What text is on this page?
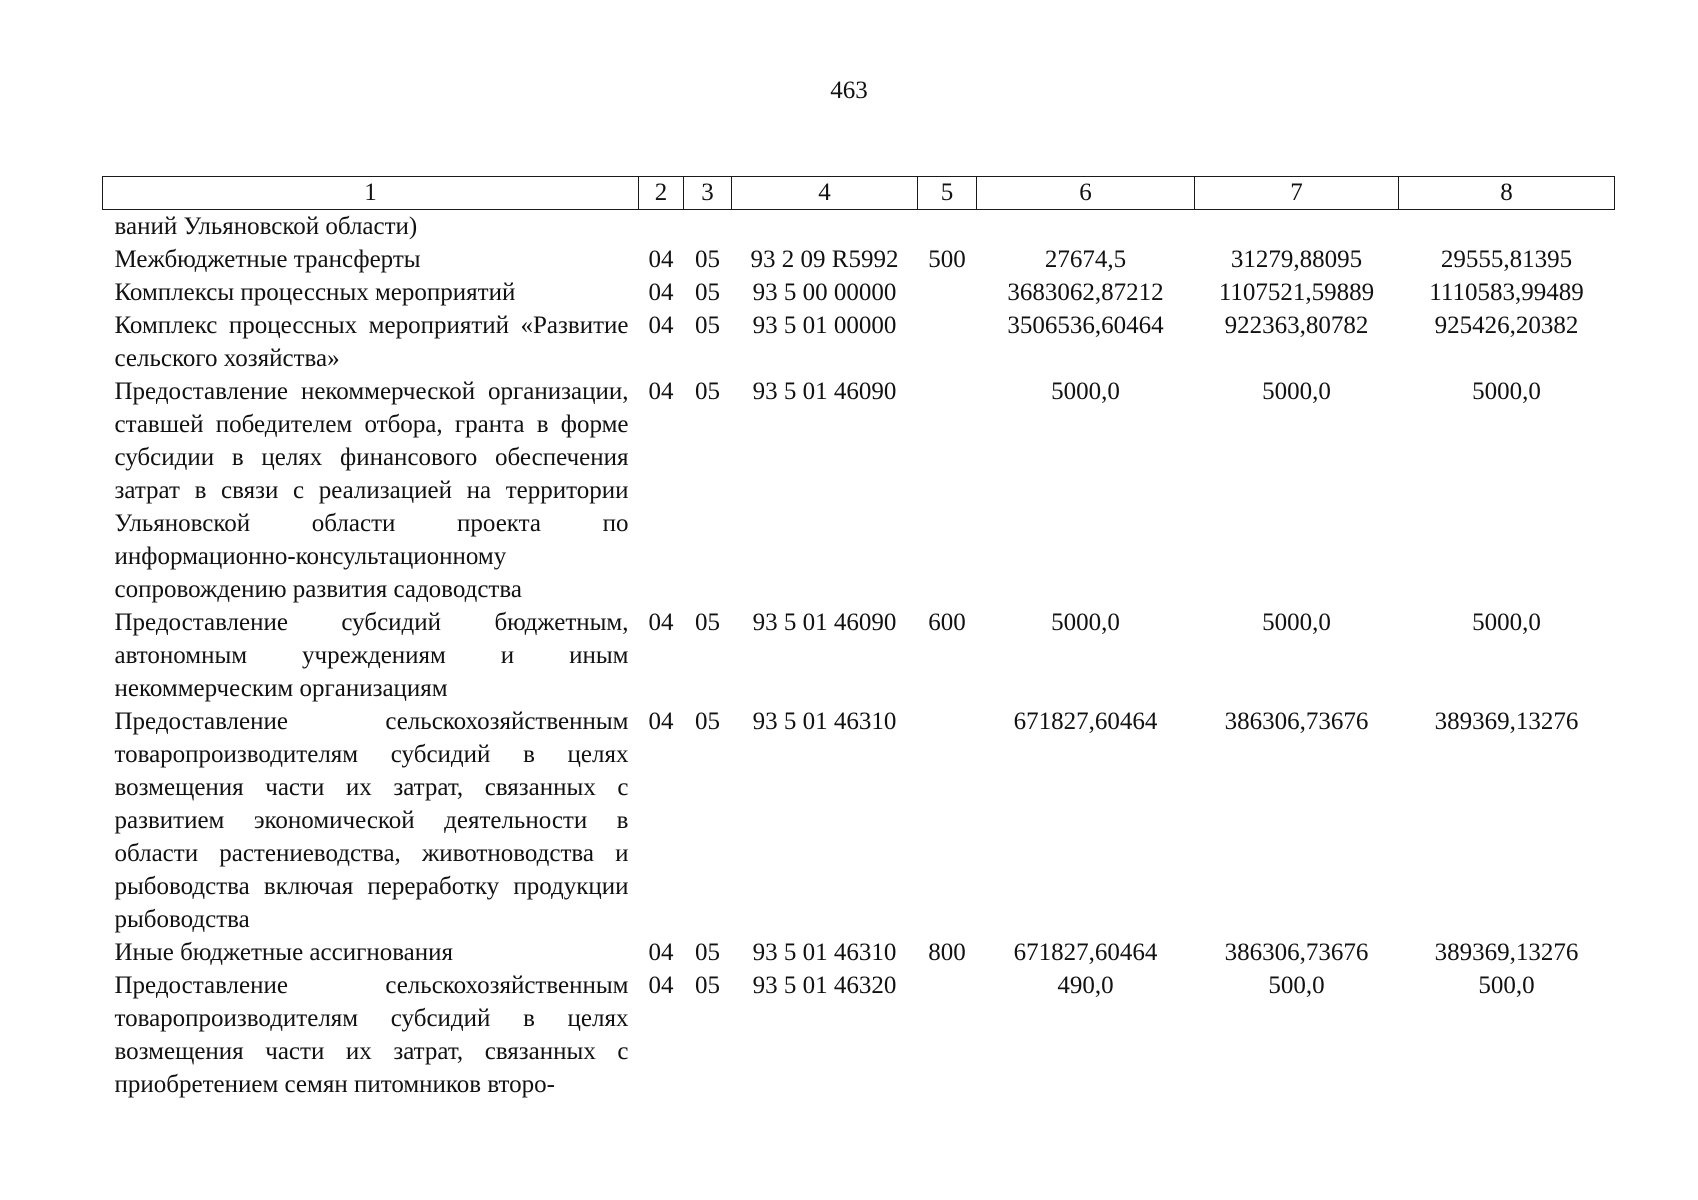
463
1	2	3	4	5	6	7	8
ваний Ульяновской области)							
Межбюджетные трансферты	04	05	93 2 09 R5992	500	27674,5	31279,88095	29555,81395
Комплексы процессных мероприятий	04	05	93 5 00 00000		3683062,87212	1107521,59889	1110583,99489
Комплекс процессных мероприятий «Развитие сельского хозяйства»	04	05	93 5 01 00000		3506536,60464	922363,80782	925426,20382
Предоставление некоммерческой организации, ставшей победителем отбора, гранта в форме субсидии в целях финансового обеспечения затрат в связи с реализацией на территории Ульяновской области проекта по информационно-консультационному сопровождению развития садоводства	04	05	93 5 01 46090		5000,0	5000,0	5000,0
Предоставление субсидий бюджетным, автономным учреждениям и иным некоммерческим организациям	04	05	93 5 01 46090	600	5000,0	5000,0	5000,0
Предоставление сельскохозяйственным товаропроизводителям субсидий в целях возмещения части их затрат, связанных с развитием экономической деятельности в области растениеводства, животноводства и рыбоводства включая переработку продукции рыбоводства	04	05	93 5 01 46310		671827,60464	386306,73676	389369,13276
Иные бюджетные ассигнования	04	05	93 5 01 46310	800	671827,60464	386306,73676	389369,13276
Предоставление сельскохозяйственным товаропроизводителям субсидий в целях возмещения части их затрат, связанных с приобретением семян питомников второ-	04	05	93 5 01 46320		490,0	500,0	500,0
